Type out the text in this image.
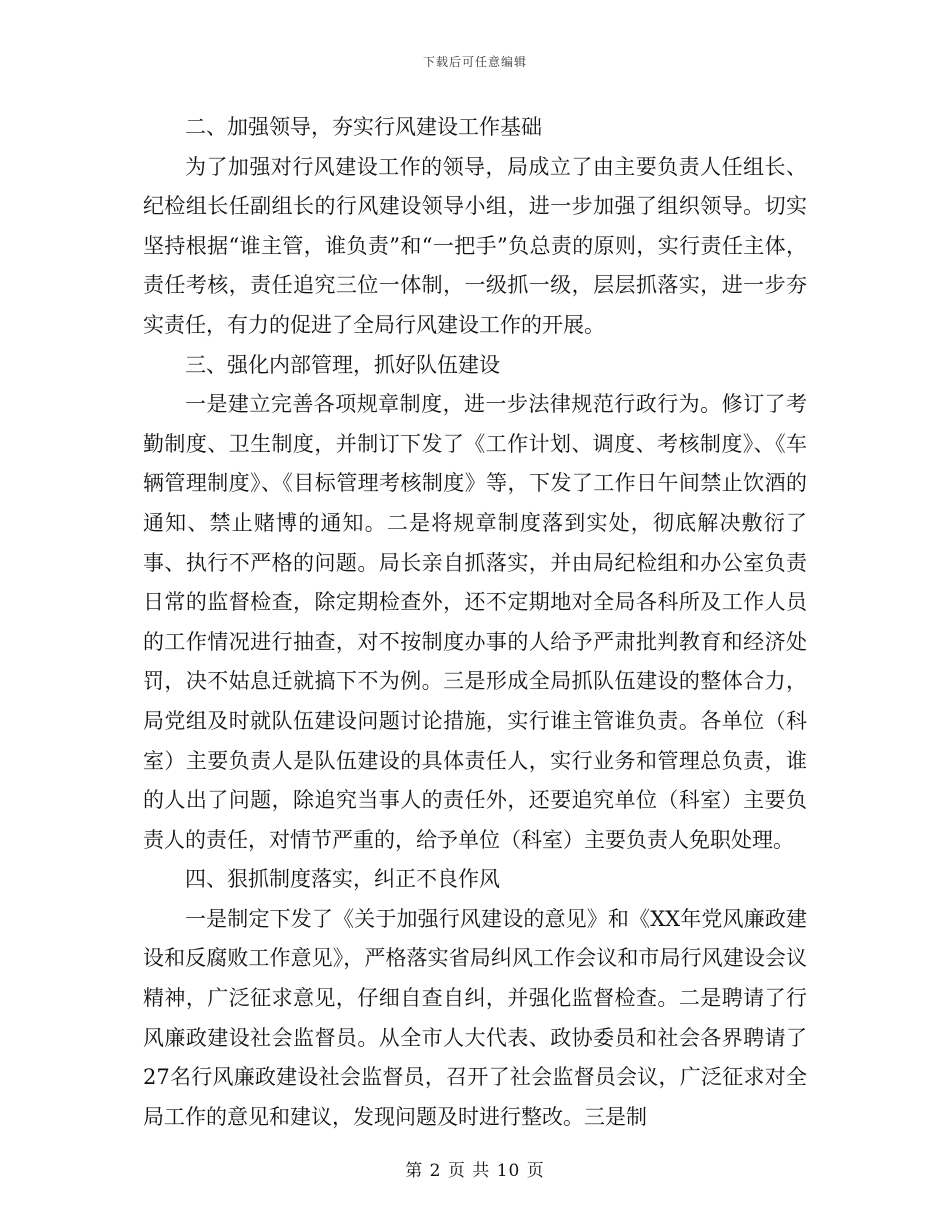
下载后可任意编辑

二、加强领导，夯实行风建设工作基础

为了加强对行风建设工作的领导，局成立了由主要负责人任组长、纪检组长任副组长的行风建设领导小组，进一步加强了组织领导。切实坚持根据“谁主管，谁负责”和“一把手”负总责的原则，实行责任主体，责任考核，责任追究三位一体制，一级抓一级，层层抓落实，进一步夯实责任，有力的促进了全局行风建设工作的开展。

三、强化内部管理，抓好队伍建设

一是建立完善各项规章制度，进一步法律规范行政行为。修订了考勤制度、卫生制度，并制订下发了《工作计划、调度、考核制度》、《车辆管理制度》、《目标管理考核制度》等，下发了工作日午间禁止饮酒的通知、禁止赌博的通知。二是将规章制度落到实处，彻底解决敷衍了事、执行不严格的问题。局长亲自抓落实，并由局纪检组和办公室负责日常的监督检查，除定期检查外，还不定期地对全局各科所及工作人员的工作情况进行抽查，对不按制度办事的人给予严肃批判教育和经济处罚，决不姑息迁就搞下不为例。三是形成全局抓队伍建设的整体合力，局党组及时就队伍建设问题讨论措施，实行谁主管谁负责。各单位（科室）主要负责人是队伍建设的具体责任人，实行业务和管理总负责，谁的人出了问题，除追究当事人的责任外，还要追究单位（科室）主要负责人的责任，对情节严重的，给予单位（科室）主要负责人免职处理。

四、狠抓制度落实，纠正不良作风

一是制定下发了《关于加强行风建设的意见》和《XX年党风廉政建设和反腐败工作意见》，严格落实省局纠风工作会议和市局行风建设会议精神，广泛征求意见，仔细自查自纠，并强化监督检查。二是聘请了行风廉政建设社会监督员。从全市人大代表、政协委员和社会各界聘请了27名行风廉政建设社会监督员，召开了社会监督员会议，广泛征求对全局工作的意见和建议，发现问题及时进行整改。三是制

第 2 页 共 10 页
